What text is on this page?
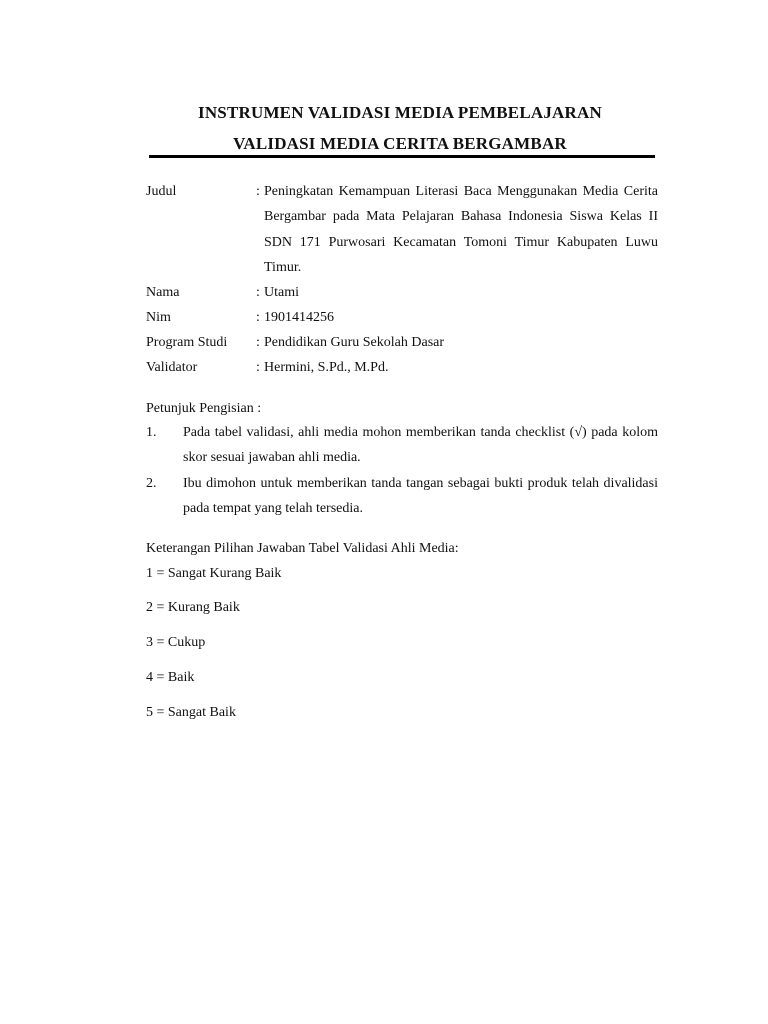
INSTRUMEN VALIDASI MEDIA PEMBELAJARAN
VALIDASI MEDIA CERITA BERGAMBAR
Judul	: Peningkatan Kemampuan Literasi Baca Menggunakan Media Cerita Bergambar pada Mata Pelajaran Bahasa Indonesia Siswa Kelas II SDN 171 Purwosari Kecamatan Tomoni Timur Kabupaten Luwu Timur.
Nama	: Utami
Nim	: 1901414256
Program Studi : Pendidikan Guru Sekolah Dasar
Validator	: Hermini, S.Pd., M.Pd.
Petunjuk Pengisian :
1. Pada tabel validasi, ahli media mohon memberikan tanda checklist (√) pada kolom skor sesuai jawaban ahli media.
2. Ibu dimohon untuk memberikan tanda tangan sebagai bukti produk telah divalidasi pada tempat yang telah tersedia.
Keterangan Pilihan Jawaban Tabel Validasi Ahli Media:
1 = Sangat Kurang Baik
2 = Kurang Baik
3 = Cukup
4 = Baik
5 = Sangat Baik
